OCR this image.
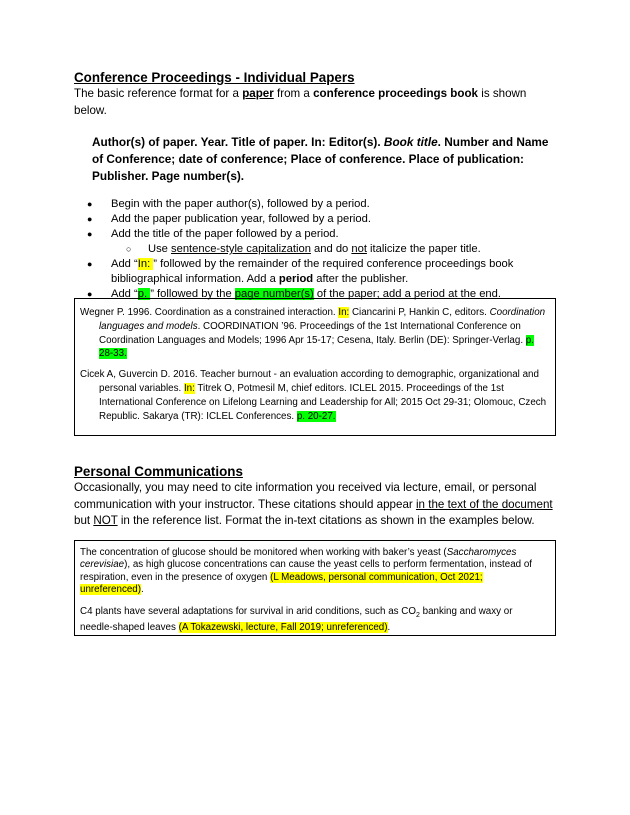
Conference Proceedings - Individual Papers

The basic reference format for a paper from a conference proceedings book is shown below.

Author(s) of paper. Year. Title of paper. In: Editor(s). Book title. Number and Name of Conference; date of conference; Place of conference. Place of publication: Publisher. Page number(s).

● Begin with the paper author(s), followed by a period.
● Add the paper publication year, followed by a period.
● Add the title of the paper followed by a period.
○ Use sentence-style capitalization and do not italicize the paper title.
● Add “In: ” followed by the remainder of the required conference proceedings book bibliographical information. Add a period after the publisher.
● Add “p. ” followed by the page number(s) of the paper; add a period at the end.

Wegner P. 1996. Coordination as a constrained interaction. In: Ciancarini P, Hankin C, editors. Coordination languages and models. COORDINATION ’96. Proceedings of the 1st International Conference on Coordination Languages and Models; 1996 Apr 15-17; Cesena, Italy. Berlin (DE): Springer-Verlag. p. 28-33.

Cicek A, Guvercin D. 2016. Teacher burnout - an evaluation according to demographic, organizational and personal variables. In: Titrek O, Potmesil M, chief editors. ICLEL 2015. Proceedings of the 1st International Conference on Lifelong Learning and Leadership for All; 2015 Oct 29-31; Olomouc, Czech Republic. Sakarya (TR): ICLEL Conferences. p. 20-27.

Personal Communications

Occasionally, you may need to cite information you received via lecture, email, or personal communication with your instructor. These citations should appear in the text of the document but NOT in the reference list. Format the in-text citations as shown in the examples below.

The concentration of glucose should be monitored when working with baker’s yeast (Saccharomyces cerevisiae), as high glucose concentrations can cause the yeast cells to perform fermentation, instead of respiration, even in the presence of oxygen (L Meadows, personal communication, Oct 2021; unreferenced).

C4 plants have several adaptations for survival in arid conditions, such as $CO_2$ banking and waxy or needle-shaped leaves (A Tokazewski, lecture, Fall 2019; unreferenced).
